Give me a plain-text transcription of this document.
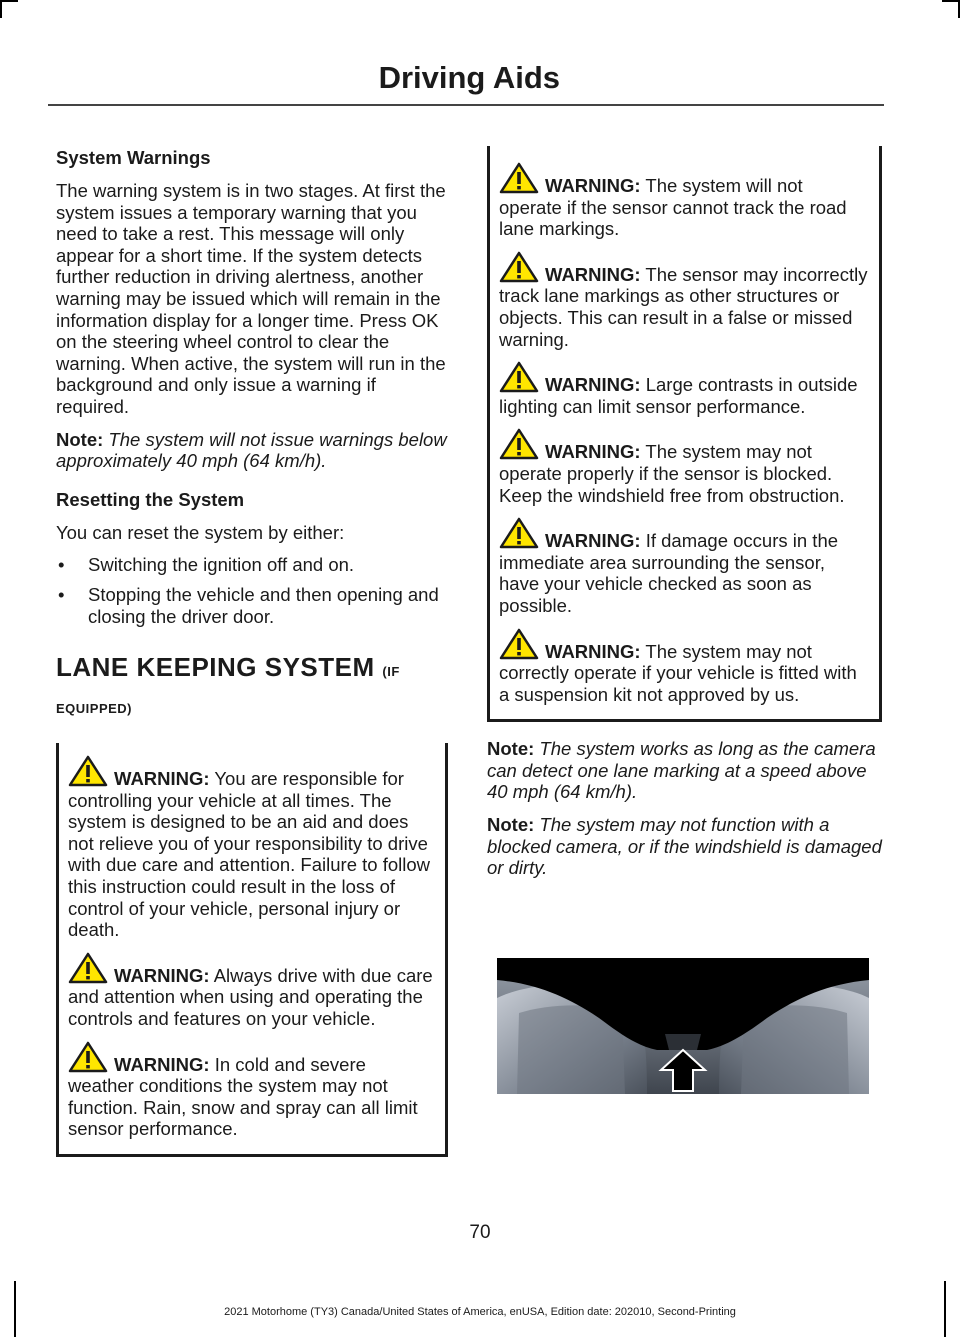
Driving Aids
System Warnings

The warning system is in two stages. At first the system issues a temporary warning that you need to take a rest. This message will only appear for a short time. If the system detects further reduction in driving alertness, another warning may be issued which will remain in the information display for a longer time. Press OK on the steering wheel control to clear the warning. When active, the system will run in the background and only issue a warning if required.

Note: The system will not issue warnings below approximately 40 mph (64 km/h).

Resetting the System

You can reset the system by either:

• Switching the ignition off and on.
• Stopping the vehicle and then opening and closing the driver door.
LANE KEEPING SYSTEM (IF EQUIPPED)

WARNING: You are responsible for controlling your vehicle at all times. The system is designed to be an aid and does not relieve you of your responsibility to drive with due care and attention. Failure to follow this instruction could result in the loss of control of your vehicle, personal injury or death.

WARNING: Always drive with due care and attention when using and operating the controls and features on your vehicle.

WARNING: In cold and severe weather conditions the system may not function. Rain, snow and spray can all limit sensor performance.

WARNING: The system will not operate if the sensor cannot track the road lane markings.

WARNING: The sensor may incorrectly track lane markings as other structures or objects. This can result in a false or missed warning.

WARNING: Large contrasts in outside lighting can limit sensor performance.

WARNING: The system may not operate properly if the sensor is blocked. Keep the windshield free from obstruction.

WARNING: If damage occurs in the immediate area surrounding the sensor, have your vehicle checked as soon as possible.

WARNING: The system may not correctly operate if your vehicle is fitted with a suspension kit not approved by us.

Note: The system works as long as the camera can detect one lane marking at a speed above 40 mph (64 km/h).

Note: The system may not function with a blocked camera, or if the windshield is damaged or dirty.

70
2021 Motorhome (TY3) Canada/United States of America, enUSA, Edition date: 202010, Second-Printing
